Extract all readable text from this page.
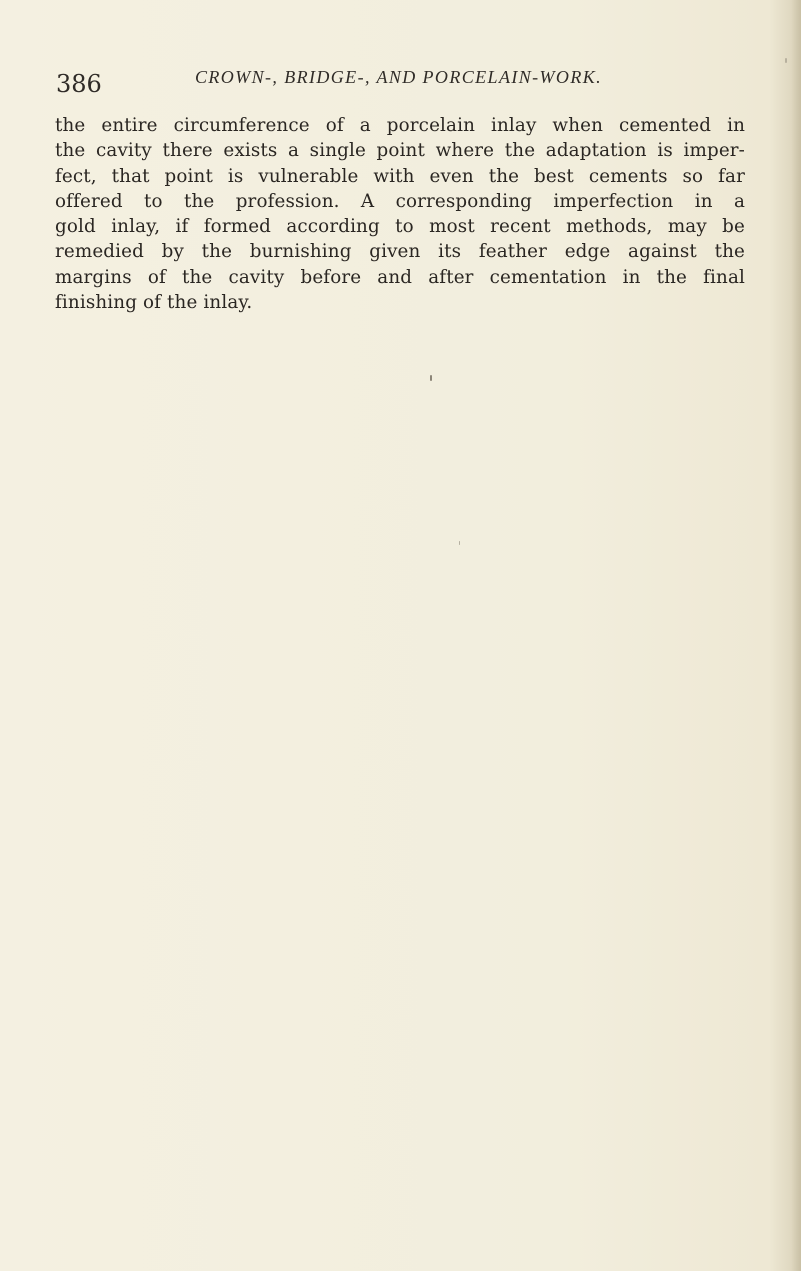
386	CROWN-, BRIDGE-, AND PORCELAIN-WORK.

the entire circumference of a porcelain inlay when cemented in
the cavity there exists a single point where the adaptation is imper-
fect, that point is vulnerable with even the best cements so far
offered to the profession. A corresponding imperfection in a
gold inlay, if formed according to most recent methods, may be
remedied by the burnishing given its feather edge against the
margins of the cavity before and after cementation in the final
finishing of the inlay.
